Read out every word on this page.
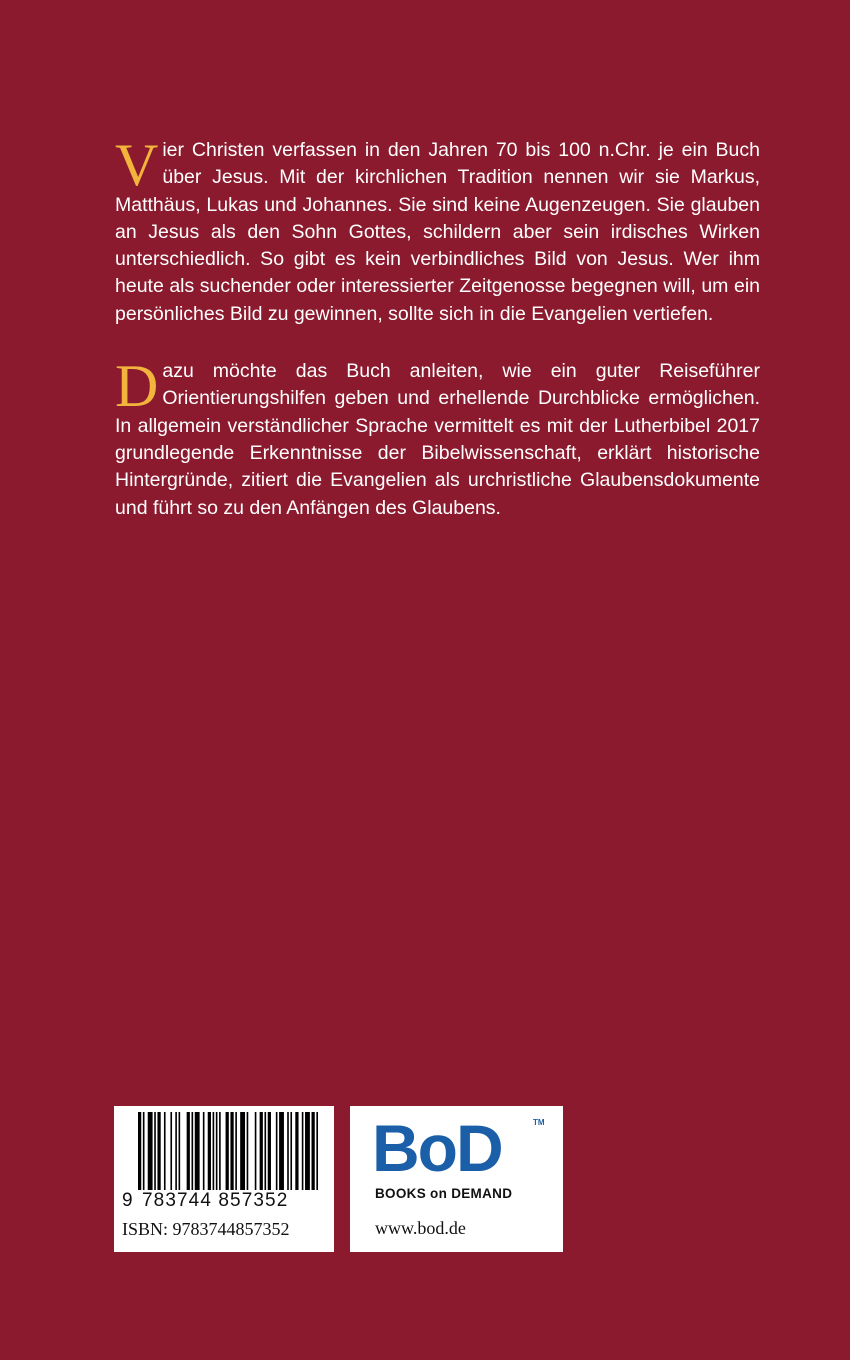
Vier Christen verfassen in den Jahren 70 bis 100 n.Chr. je ein Buch über Jesus. Mit der kirchlichen Tradition nennen wir sie Markus, Matthäus, Lukas und Johannes. Sie sind keine Augenzeugen. Sie glauben an Jesus als den Sohn Gottes, schildern aber sein irdisches Wirken unterschiedlich. So gibt es kein verbindliches Bild von Jesus. Wer ihm heute als suchender oder interessierter Zeitgenosse begegnen will, um ein persönliches Bild zu gewinnen, sollte sich in die Evangelien vertiefen.

Dazu möchte das Buch anleiten, wie ein guter Reiseführer Orientierungshilfen geben und erhellende Durchblicke ermöglichen. In allgemein verständlicher Sprache vermittelt es mit der Lutherbibel 2017 grundlegende Erkenntnisse der Bibelwissenschaft, erklärt historische Hintergründe, zitiert die Evangelien als urchristliche Glaubensdokumente und führt so zu den Anfängen des Glaubens.

9 783744 857352
ISBN: 9783744857352
BoD	TM
BOOKS on DEMAND
www.bod.de
